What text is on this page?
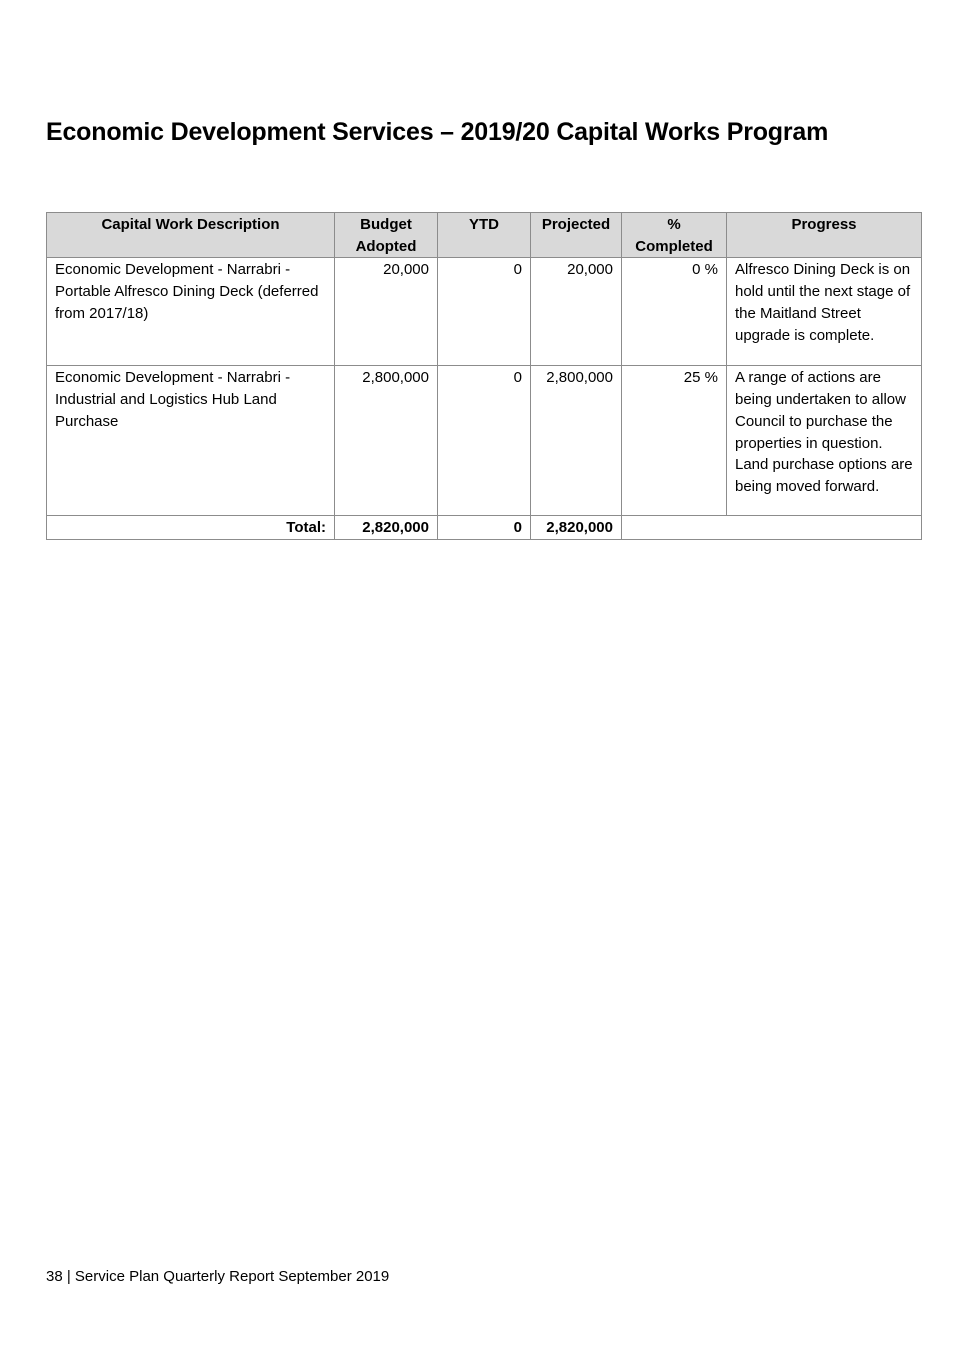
Economic Development Services – 2019/20 Capital Works Program
Capital Work Description	Budget Adopted	YTD	Projected	% Completed	Progress
Economic Development - Narrabri - Portable Alfresco Dining Deck (deferred from 2017/18)	20,000	0	20,000	0 %	Alfresco Dining Deck is on hold until the next stage of the Maitland Street upgrade is complete.
Economic Development - Narrabri - Industrial and Logistics Hub Land Purchase	2,800,000	0	2,800,000	25 %	A range of actions are being undertaken to allow Council to purchase the properties in question. Land purchase options are being moved forward.
Total:	2,820,000	0	2,820,000		
38 | Service Plan Quarterly Report September 2019
